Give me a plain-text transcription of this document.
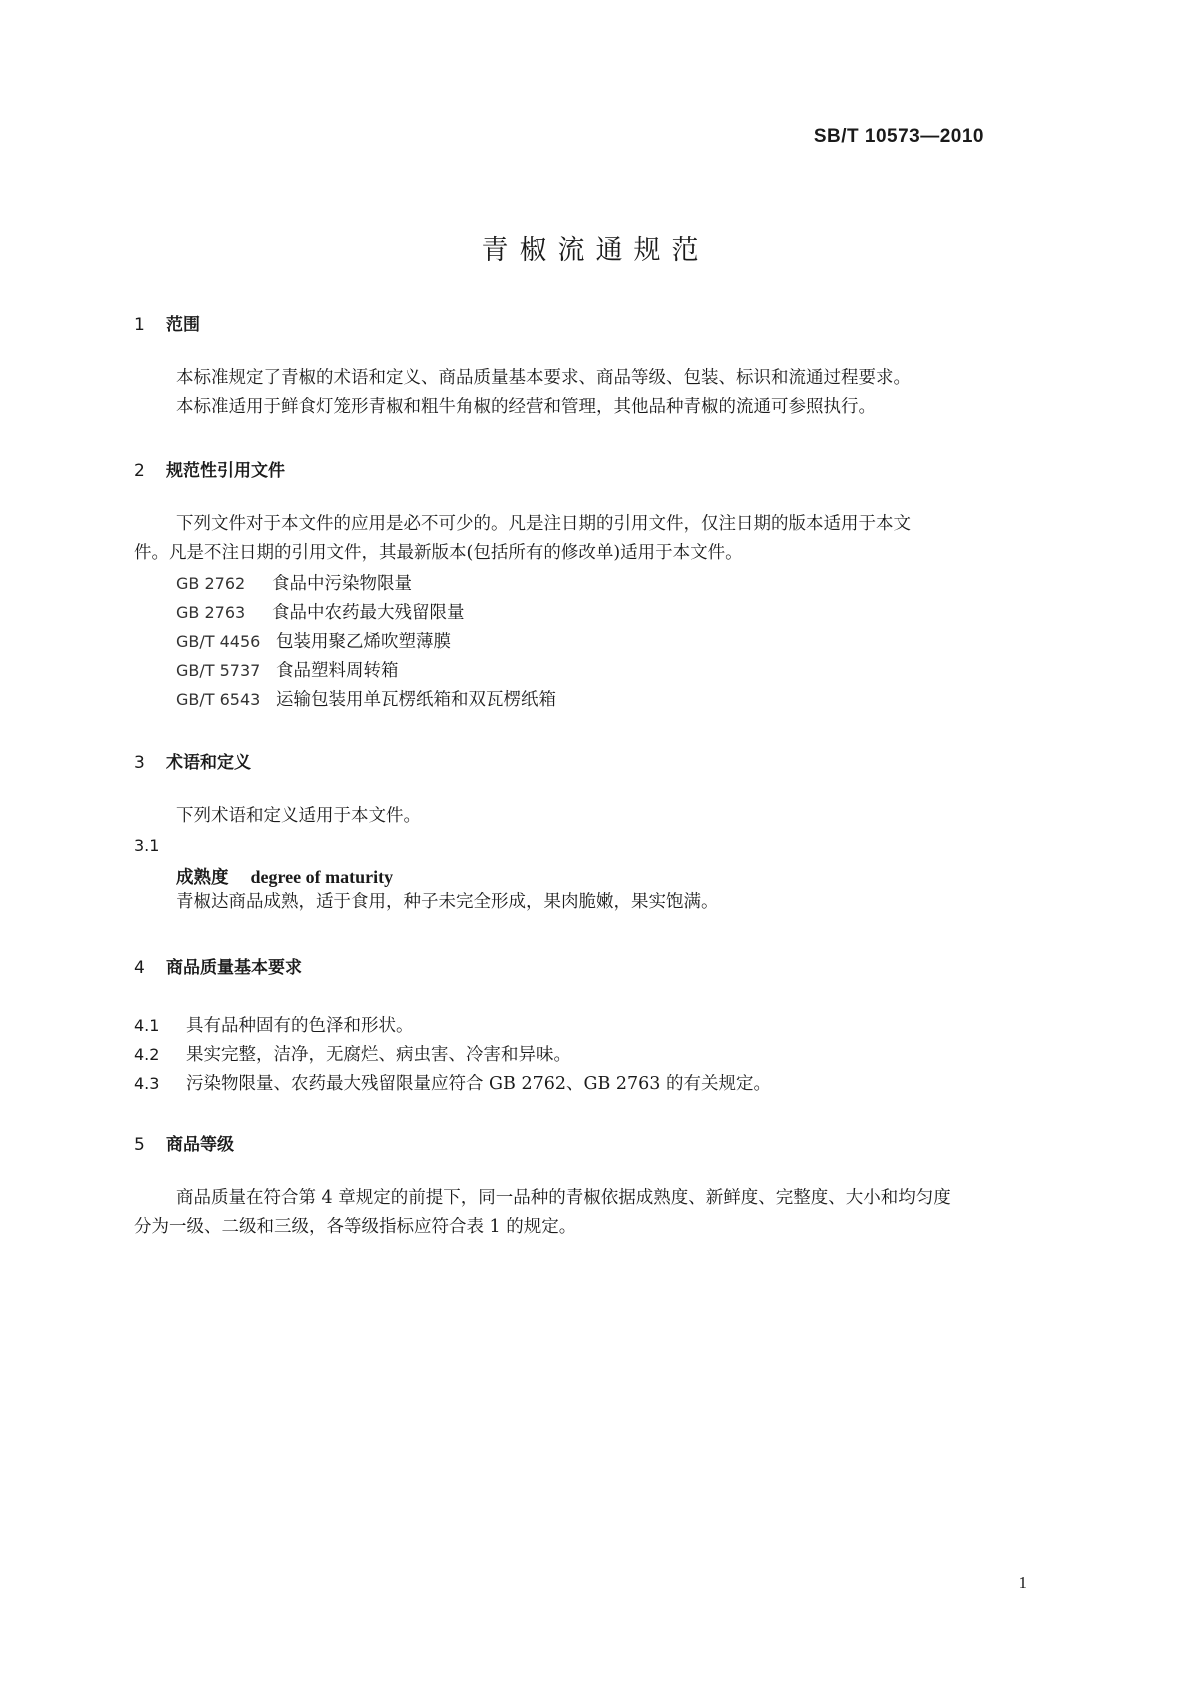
SB/T 10573—2010
青椒流通规范
1 范围
本标准规定了青椒的术语和定义、商品质量基本要求、商品等级、包装、标识和流通过程要求。
本标准适用于鲜食灯笼形青椒和粗牛角椒的经营和管理，其他品种青椒的流通可参照执行。
2 规范性引用文件
下列文件对于本文件的应用是必不可少的。凡是注日期的引用文件，仅注日期的版本适用于本文
件。凡是不注日期的引用文件，其最新版本(包括所有的修改单)适用于本文件。
GB 2762 食品中污染物限量
GB 2763 食品中农药最大残留限量
GB/T 4456 包装用聚乙烯吹塑薄膜
GB/T 5737 食品塑料周转箱
GB/T 6543 运输包装用单瓦楞纸箱和双瓦楞纸箱
3 术语和定义
下列术语和定义适用于本文件。
3.1
成熟度 degree of maturity
青椒达商品成熟，适于食用，种子未完全形成，果肉脆嫩，果实饱满。
4 商品质量基本要求
4.1 具有品种固有的色泽和形状。
4.2 果实完整，洁净，无腐烂、病虫害、冷害和异味。
4.3 污染物限量、农药最大残留限量应符合 GB 2762、GB 2763 的有关规定。
5 商品等级
商品质量在符合第 4 章规定的前提下，同一品种的青椒依据成熟度、新鲜度、完整度、大小和均匀度
分为一级、二级和三级，各等级指标应符合表 1 的规定。
1
